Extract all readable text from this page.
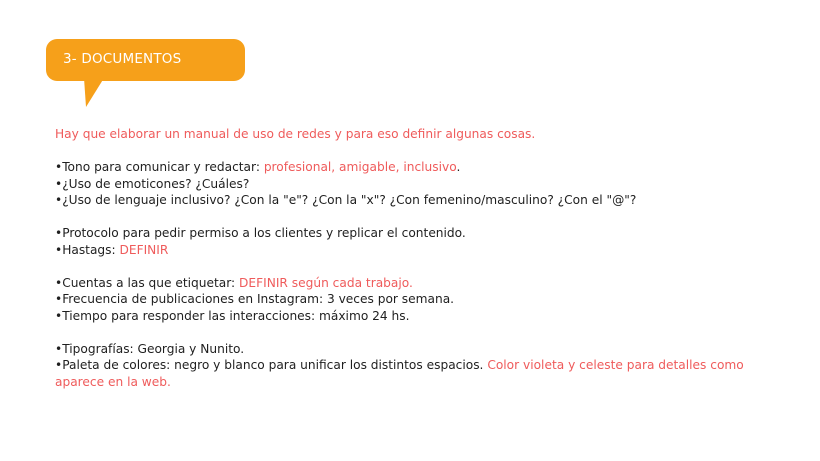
3- DOCUMENTOS
Hay que elaborar un manual de uso de redes y para eso definir algunas cosas.
•Tono para comunicar y redactar: profesional, amigable, inclusivo.
•¿Uso de emoticones? ¿Cuáles?
•¿Uso de lenguaje inclusivo? ¿Con la "e"? ¿Con la "x"? ¿Con femenino/masculino? ¿Con el "@"?
•Protocolo para pedir permiso a los clientes y replicar el contenido.
•Hastags: DEFINIR
•Cuentas a las que etiquetar: DEFINIR según cada trabajo.
•Frecuencia de publicaciones en Instagram: 3 veces por semana.
•Tiempo para responder las interacciones: máximo 24 hs.
•Tipografías: Georgia y Nunito.
•Paleta de colores: negro y blanco para unificar los distintos espacios. Color violeta y celeste para detalles como aparece en la web.
